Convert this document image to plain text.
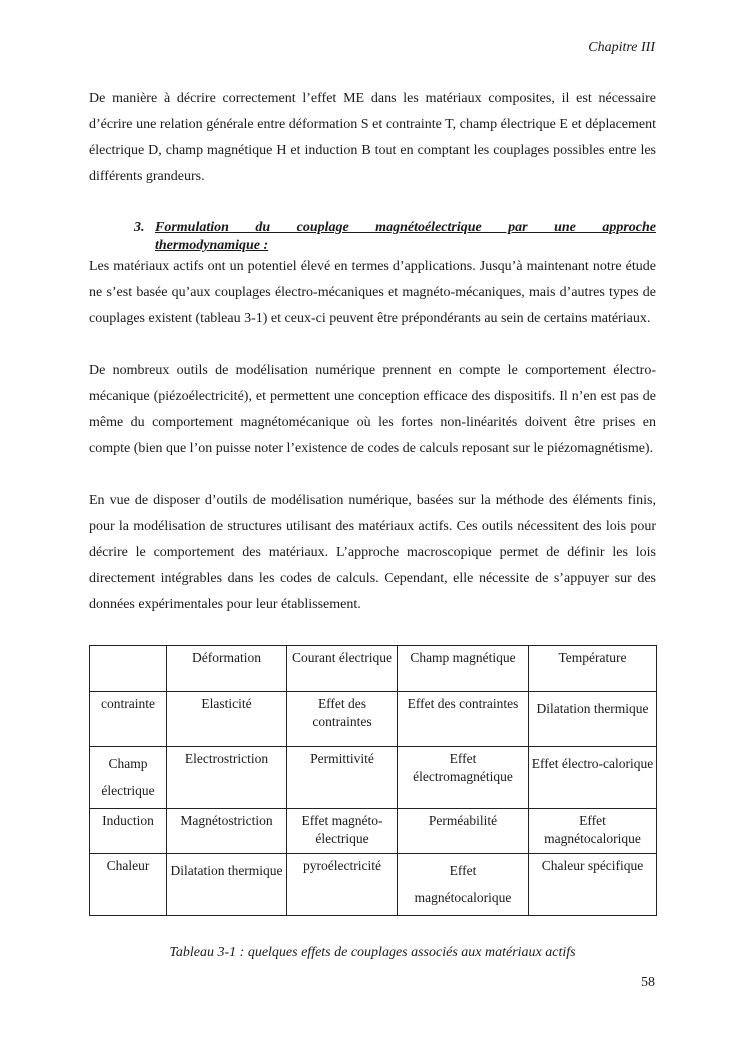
Chapitre III

De manière à décrire correctement l’effet ME dans les matériaux composites, il est nécessaire d’écrire une relation générale entre déformation S et contrainte T, champ électrique E et déplacement électrique D, champ magnétique H et induction B tout en comptant les couplages possibles entre les différents grandeurs.

3. Formulation du couplage magnétoélectrique par une approche
thermodynamique :

Les matériaux actifs ont un potentiel élevé en termes d’applications. Jusqu’à maintenant notre étude ne s’est basée qu’aux couplages électro-mécaniques et magnéto-mécaniques, mais d’autres types de couplages existent (tableau 3-1) et ceux-ci peuvent être prépondérants au sein de certains matériaux.

De nombreux outils de modélisation numérique prennent en compte le comportement électro-mécanique (piézoélectricité), et permettent une conception efficace des dispositifs. Il n’en est pas de même du comportement magnétomécanique où les fortes non-linéarités doivent être prises en compte (bien que l’on puisse noter l’existence de codes de calculs reposant sur le piézomagnétisme).

En vue de disposer d’outils de modélisation numérique, basées sur la méthode des éléments finis, pour la modélisation de structures utilisant des matériaux actifs. Ces outils nécessitent des lois pour décrire le comportement des matériaux. L’approche macroscopique permet de définir les lois directement intégrables dans les codes de calculs. Cependant, elle nécessite de s’appuyer sur des données expérimentales pour leur établissement.

	Déformation	Courant électrique	Champ magnétique	Température
contrainte	Elasticité	Effet des contraintes	Effet des contraintes	Dilatation thermique
Champ électrique	Electrostriction	Permittivité	Effet électromagnétique	Effet électro-calorique
Induction	Magnétostriction	Effet magnéto-électrique	Perméabilité	Effet magnétocalorique
Chaleur	Dilatation thermique	pyroélectricité	Effet magnétocalorique	Chaleur spécifique
Tableau 3-1 : quelques effets de couplages associés aux matériaux actifs
58
